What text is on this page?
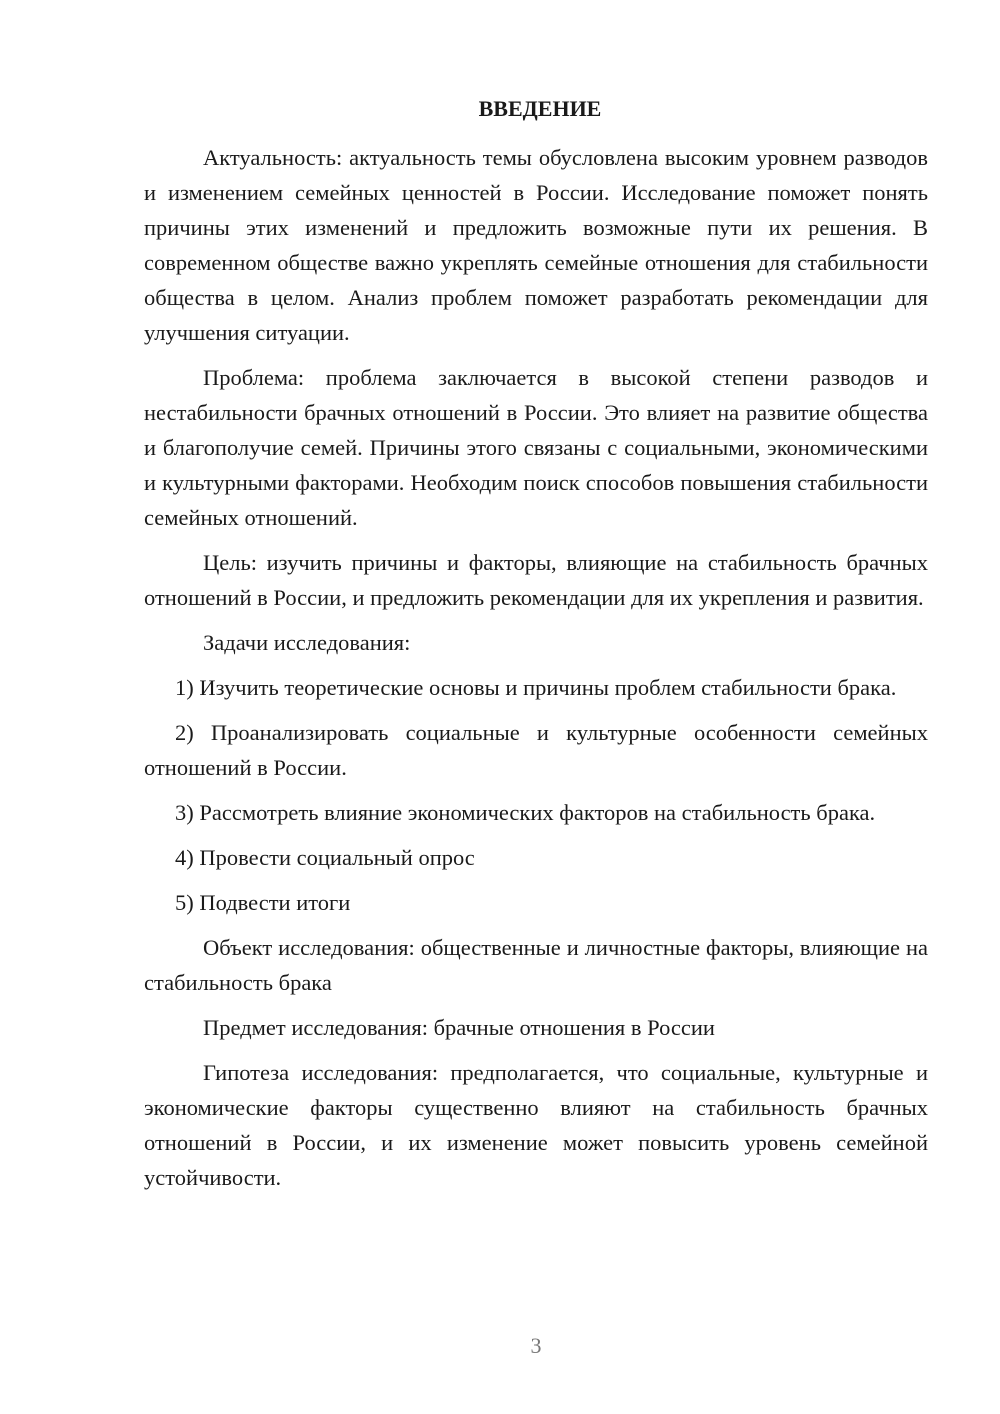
ВВЕДЕНИЕ

Актуальность: актуальность темы обусловлена высоким уровнем разводов и изменением семейных ценностей в России. Исследование поможет понять причины этих изменений и предложить возможные пути их решения. В современном обществе важно укреплять семейные отношения для стабильности общества в целом. Анализ проблем поможет разработать рекомендации для улучшения ситуации.

Проблема: проблема заключается в высокой степени разводов и нестабильности брачных отношений в России. Это влияет на развитие общества и благополучие семей. Причины этого связаны с социальными, экономическими и культурными факторами. Необходим поиск способов повышения стабильности семейных отношений.

Цель: изучить причины и факторы, влияющие на стабильность брачных отношений в России, и предложить рекомендации для их укрепления и развития.

Задачи исследования:

1) Изучить теоретические основы и причины проблем стабильности брака.

2) Проанализировать социальные и культурные особенности семейных отношений в России.

3) Рассмотреть влияние экономических факторов на стабильность брака.

4) Провести социальный опрос

5) Подвести итоги

Объект исследования: общественные и личностные факторы, влияющие на стабильность брака

Предмет исследования: брачные отношения в России

Гипотеза исследования: предполагается, что социальные, культурные и экономические факторы существенно влияют на стабильность брачных отношений в России, и их изменение может повысить уровень семейной устойчивости.

3
